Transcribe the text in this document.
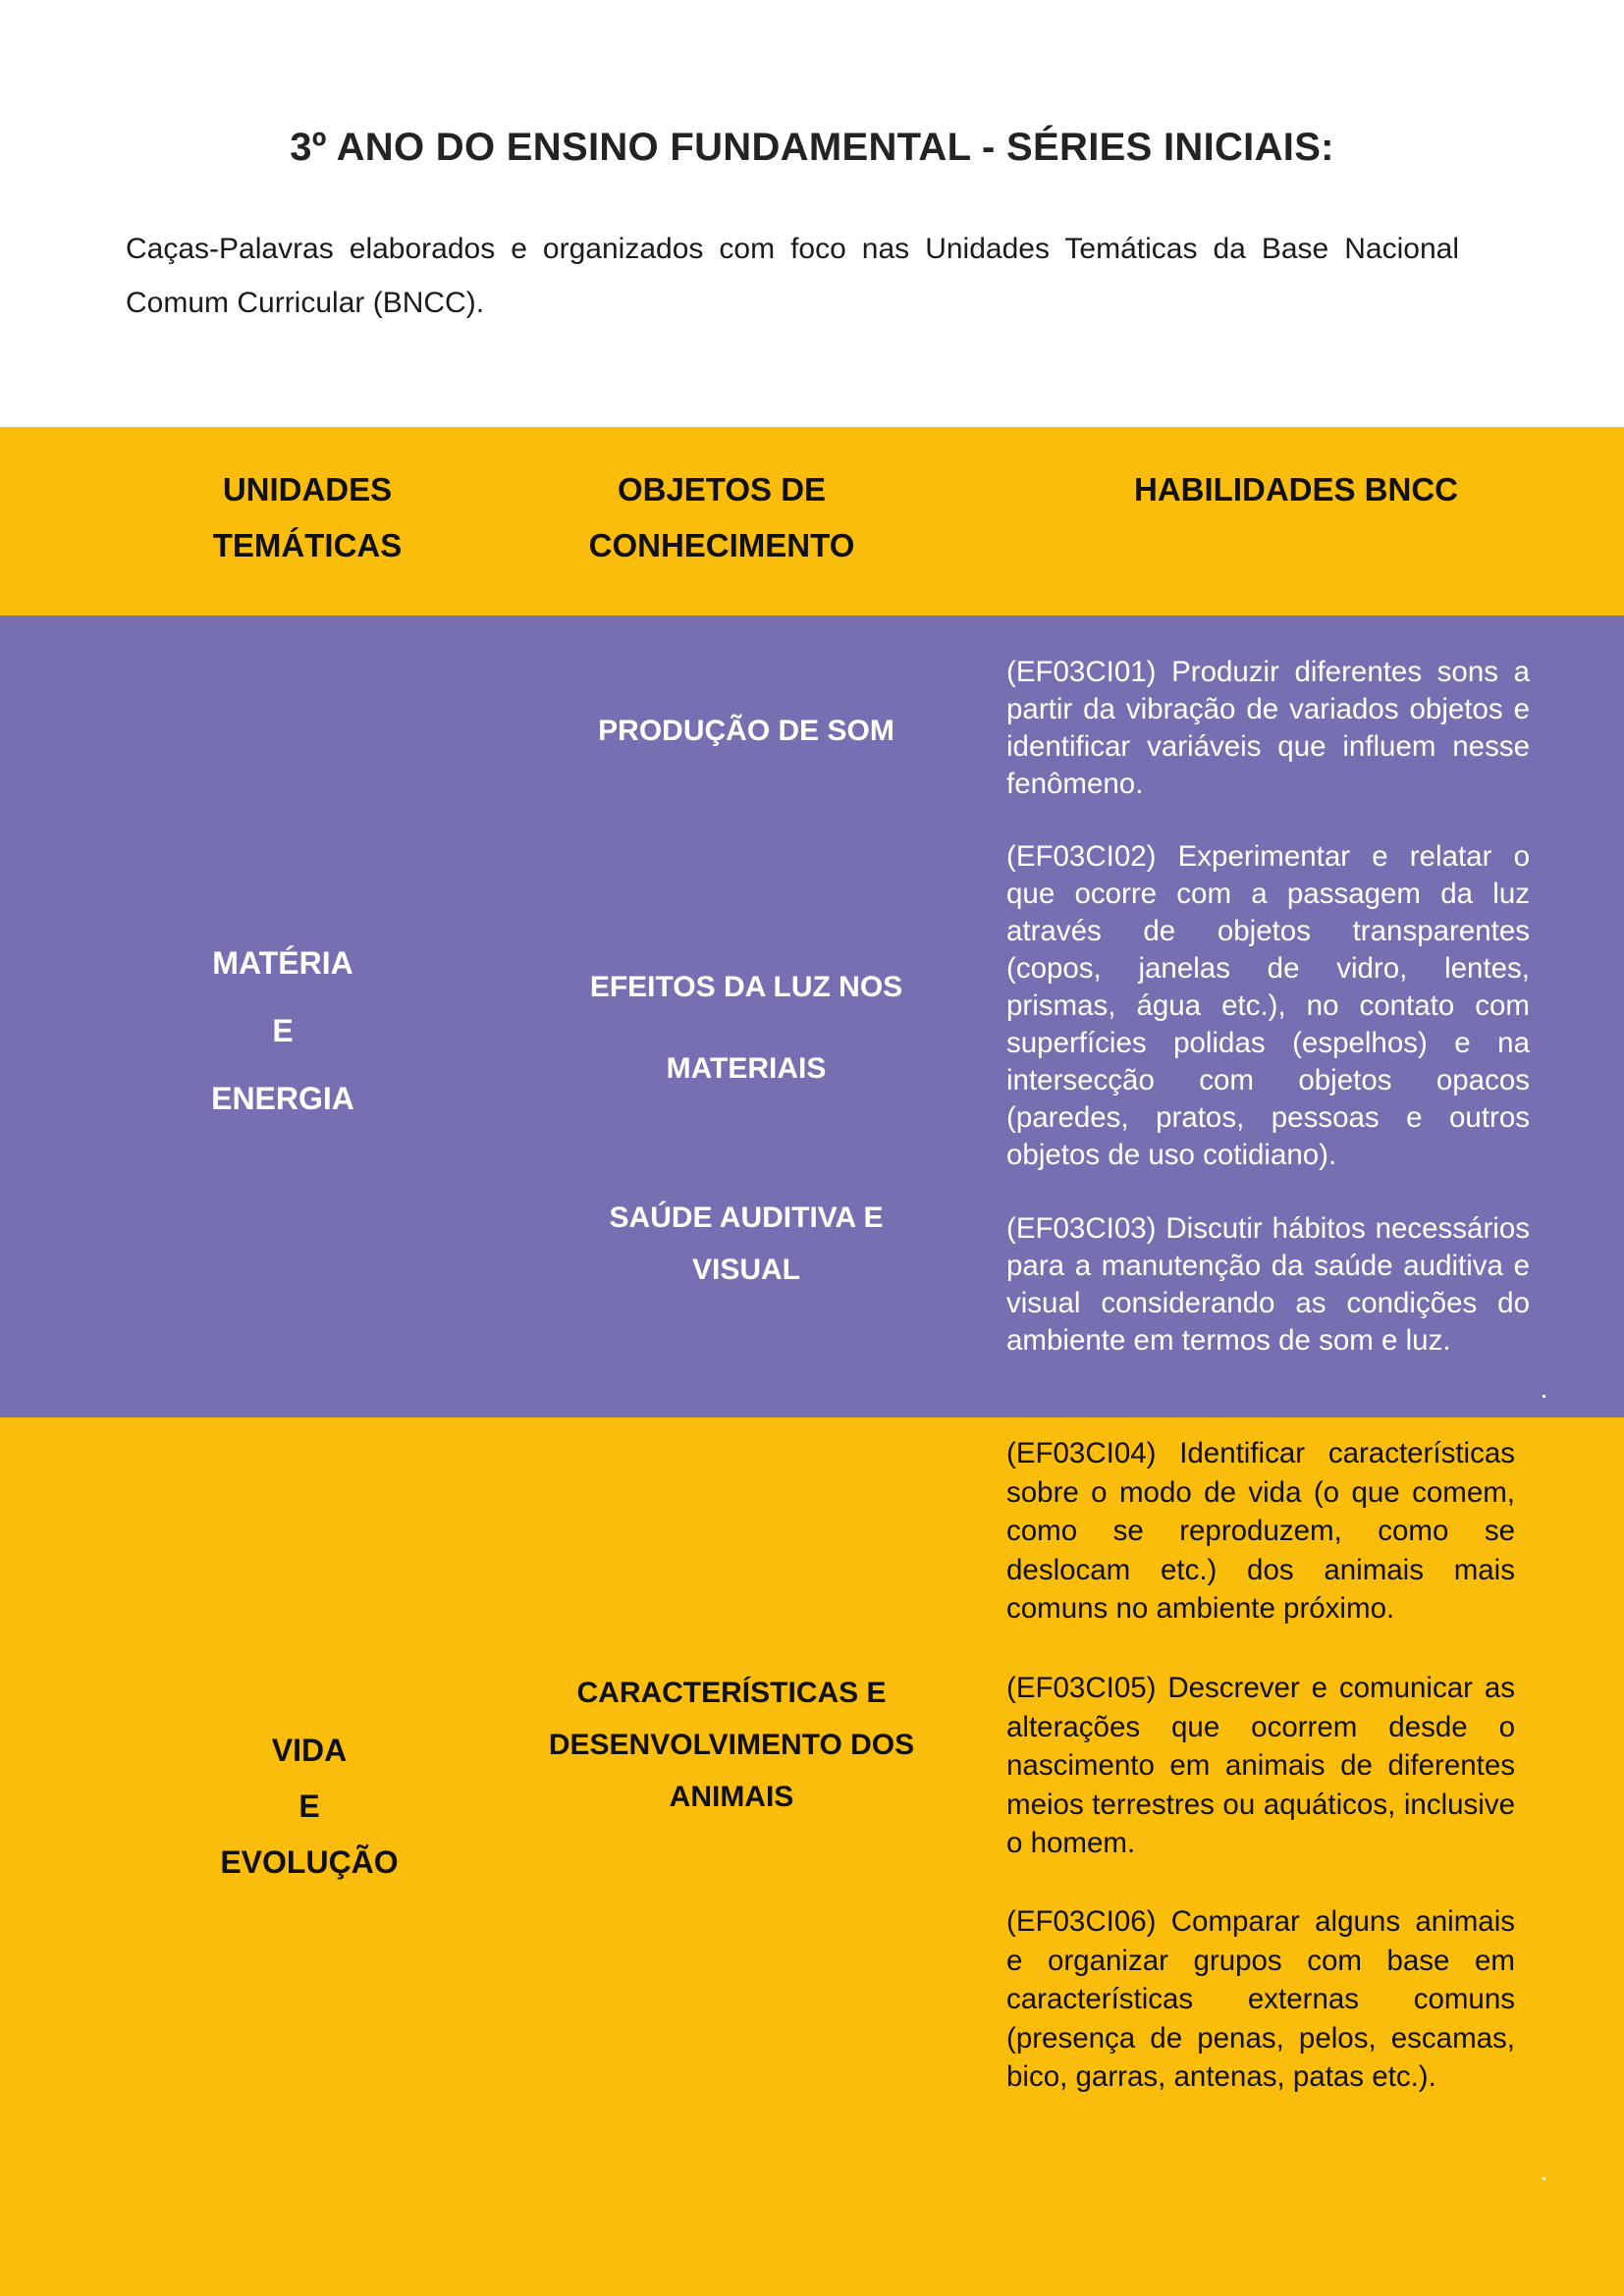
3º ANO DO ENSINO FUNDAMENTAL - SÉRIES INICIAIS:
Caças-Palavras elaborados e organizados com foco nas Unidades Temáticas da Base Nacional Comum Curricular (BNCC).
UNIDADES
TEMÁTICAS
OBJETOS DE
CONHECIMENTO
HABILIDADES BNCC
MATÉRIA
E
ENERGIA
PRODUÇÃO DE SOM
EFEITOS DA LUZ NOS
MATERIAIS
SAÚDE AUDITIVA E
VISUAL
(EF03CI01) Produzir diferentes sons a partir da vibração de variados objetos e identificar variáveis que influem nesse fenômeno.
(EF03CI02) Experimentar e relatar o que ocorre com a passagem da luz através de objetos transparentes (copos, janelas de vidro, lentes, prismas, água etc.), no contato com superfícies polidas (espelhos) e na intersecção com objetos opacos (paredes, pratos, pessoas e outros objetos de uso cotidiano).
(EF03CI03) Discutir hábitos necessários para a manutenção da saúde auditiva e visual considerando as condições do ambiente em termos de som e luz.
VIDA
E
EVOLUÇÃO
CARACTERÍSTICAS E
DESENVOLVIMENTO DOS
ANIMAIS
(EF03CI04) Identificar características sobre o modo de vida (o que comem, como se reproduzem, como se deslocam etc.) dos animais mais comuns no ambiente próximo.
(EF03CI05) Descrever e comunicar as alterações que ocorrem desde o nascimento em animais de diferentes meios terrestres ou aquáticos, inclusive o homem.
(EF03CI06) Comparar alguns animais e organizar grupos com base em características externas comuns (presença de penas, pelos, escamas, bico, garras, antenas, patas etc.).
